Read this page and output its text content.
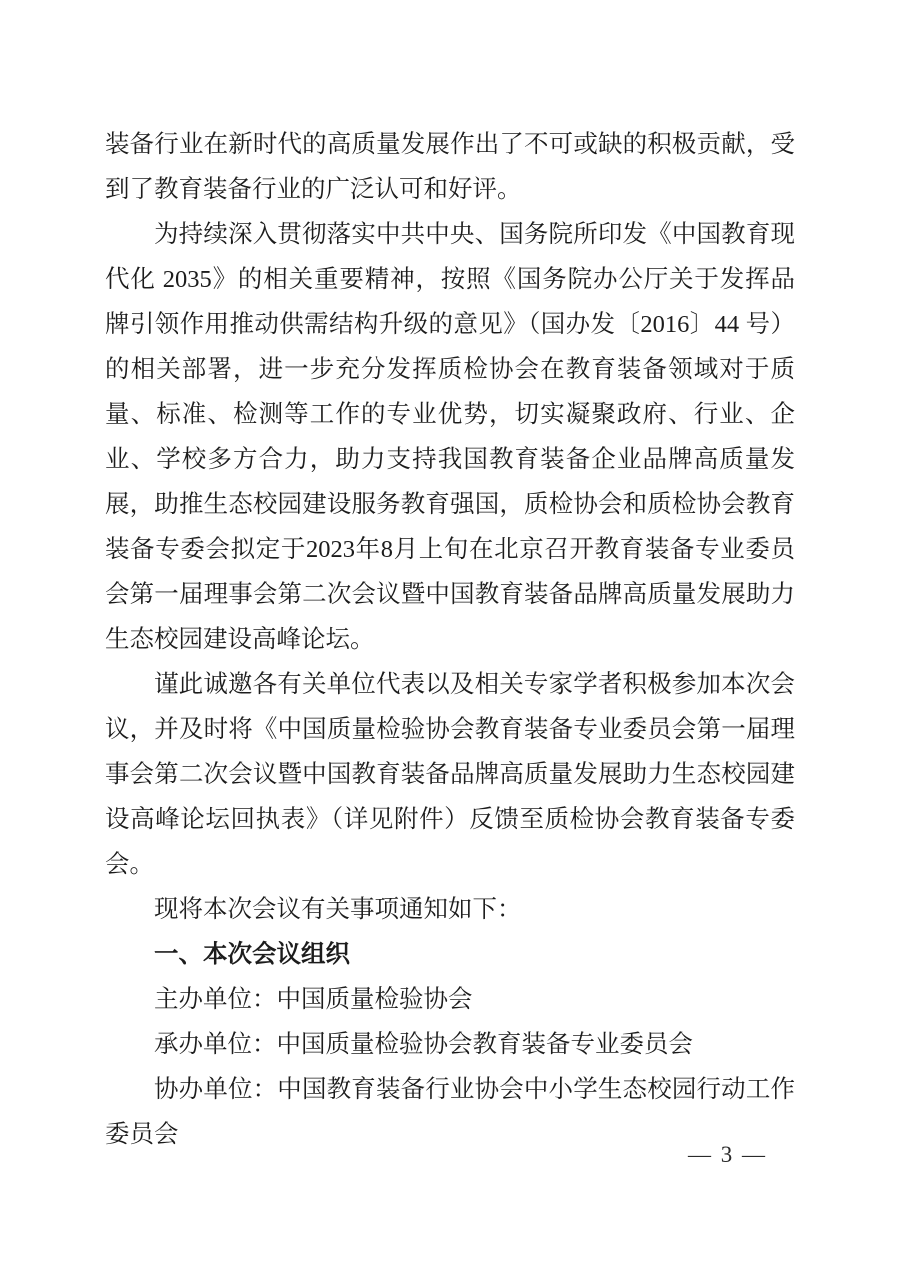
装备行业在新时代的高质量发展作出了不可或缺的积极贡献，受到了教育装备行业的广泛认可和好评。

为持续深入贯彻落实中共中央、国务院所印发《中国教育现代化 2035》的相关重要精神，按照《国务院办公厅关于发挥品牌引领作用推动供需结构升级的意见》（国办发〔2016〕44 号）的相关部署，进一步充分发挥质检协会在教育装备领域对于质量、标准、检测等工作的专业优势，切实凝聚政府、行业、企业、学校多方合力，助力支持我国教育装备企业品牌高质量发展，助推生态校园建设服务教育强国，质检协会和质检协会教育装备专委会拟定于2023年8月上旬在北京召开教育装备专业委员会第一届理事会第二次会议暨中国教育装备品牌高质量发展助力生态校园建设高峰论坛。

谨此诚邀各有关单位代表以及相关专家学者积极参加本次会议，并及时将《中国质量检验协会教育装备专业委员会第一届理事会第二次会议暨中国教育装备品牌高质量发展助力生态校园建设高峰论坛回执表》（详见附件）反馈至质检协会教育装备专委会。

现将本次会议有关事项通知如下：

一、本次会议组织

主办单位：中国质量检验协会

承办单位：中国质量检验协会教育装备专业委员会

协办单位：中国教育装备行业协会中小学生态校园行动工作委员会

— 3 —
